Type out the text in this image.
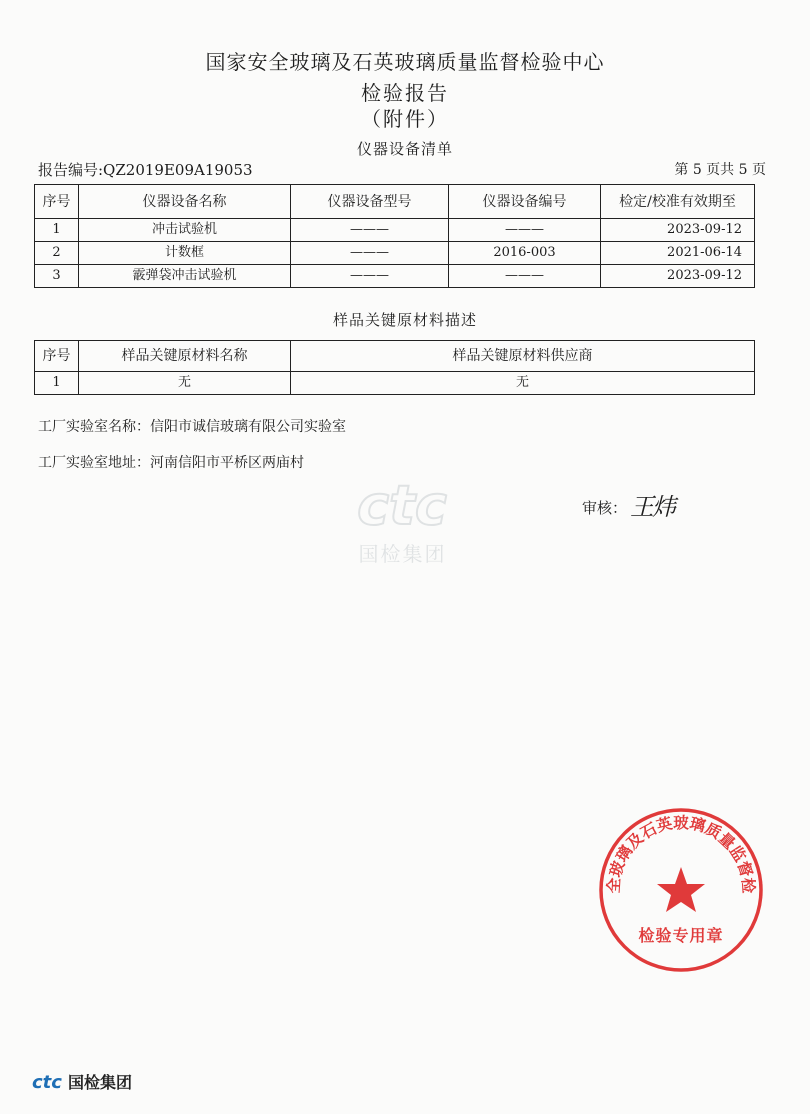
国家安全玻璃及石英玻璃质量监督检验中心
检验报告
（附件）
仪器设备清单
报告编号:QZ2019E09A19053	第 5 页共 5 页
序号	仪器设备名称	仪器设备型号	仪器设备编号	检定/校准有效期至
1	冲击试验机	———	———	2023-09-12
2	计数框	———	2016-003	2021-06-14
3	霰弹袋冲击试验机	———	———	2023-09-12
样品关键原材料描述
序号	样品关键原材料名称	样品关键原材料供应商
1	无	无
工厂实验室名称：信阳市诚信玻璃有限公司实验室
工厂实验室地址：河南信阳市平桥区两庙村
ctc
国检集团
审核： 王炜
全玻璃及石英玻璃质量监督检
检验专用章
ctc 国检集团
